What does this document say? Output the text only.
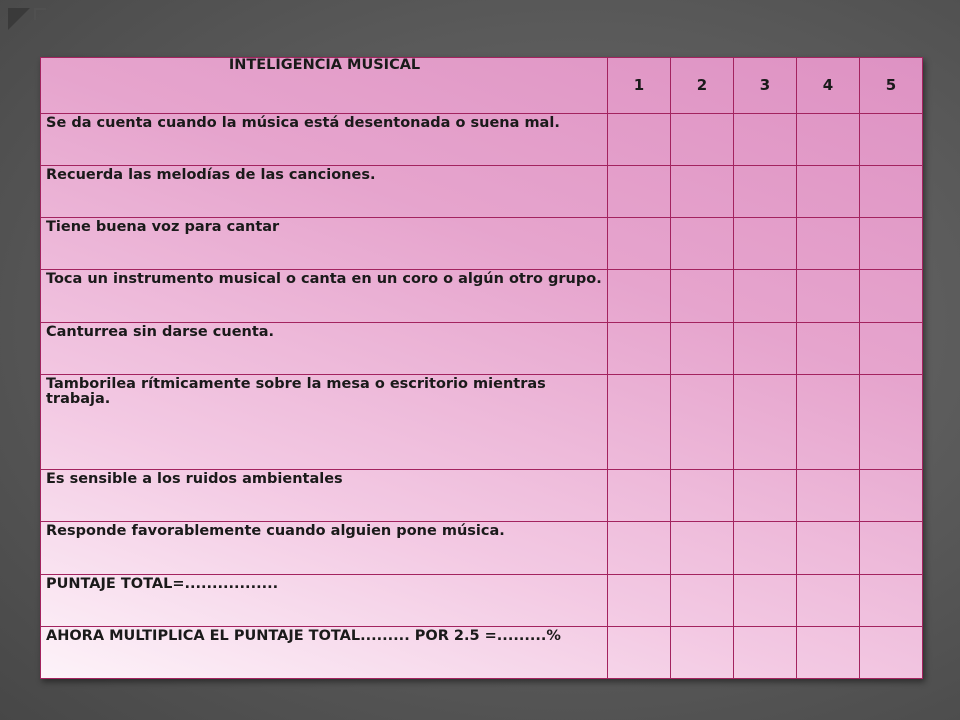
INTELIGENCIA MUSICAL	1	2	3	4	5
Se da cuenta cuando la música está desentonada o suena mal.					
Recuerda las melodías de las canciones.					
Tiene buena voz para cantar					
Toca un instrumento musical o canta en un coro o algún otro grupo.					
Canturrea sin darse cuenta.					
Tamborilea rítmicamente sobre la mesa o escritorio mientras trabaja.					
Es sensible a los ruidos ambientales					
Responde favorablemente cuando alguien pone música.					
PUNTAJE TOTAL=.................					
AHORA MULTIPLICA EL PUNTAJE TOTAL......... POR 2.5 =.........%					
